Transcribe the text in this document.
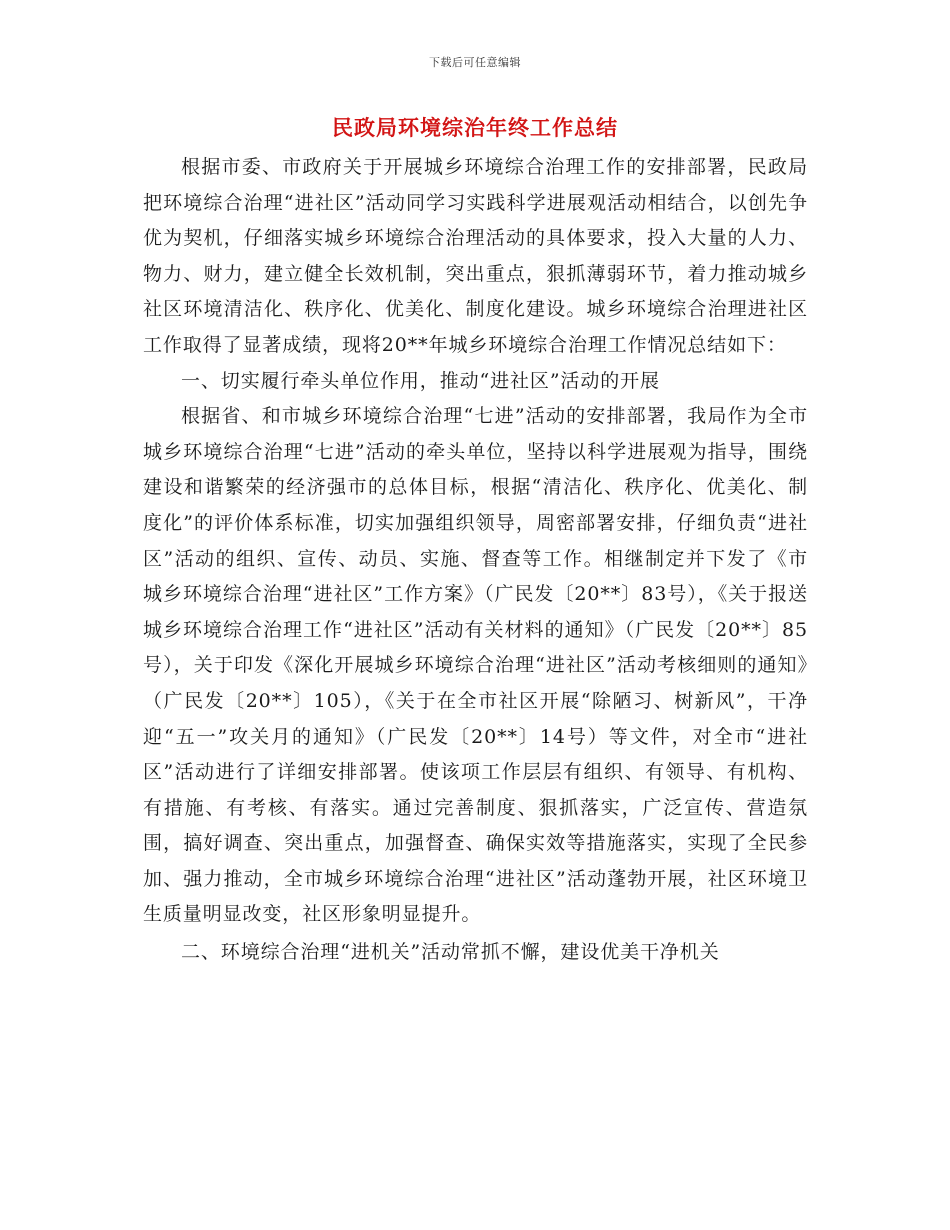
下载后可任意编辑
民政局环境综治年终工作总结

根据市委、市政府关于开展城乡环境综合治理工作的安排部署，民政局把环境综合治理“进社区”活动同学习实践科学进展观活动相结合，以创先争优为契机，仔细落实城乡环境综合治理活动的具体要求，投入大量的人力、物力、财力，建立健全长效机制，突出重点，狠抓薄弱环节，着力推动城乡社区环境清洁化、秩序化、优美化、制度化建设。城乡环境综合治理进社区工作取得了显著成绩，现将20**年城乡环境综合治理工作情况总结如下：

一、切实履行牵头单位作用，推动“进社区”活动的开展

根据省、和市城乡环境综合治理“七进”活动的安排部署，我局作为全市城乡环境综合治理“七进”活动的牵头单位，坚持以科学进展观为指导，围绕建设和谐繁荣的经济强市的总体目标，根据“清洁化、秩序化、优美化、制度化”的评价体系标准，切实加强组织领导，周密部署安排，仔细负责“进社区”活动的组织、宣传、动员、实施、督查等工作。相继制定并下发了《市城乡环境综合治理“进社区”工作方案》（广民发〔20**〕83号），《关于报送城乡环境综合治理工作“进社区”活动有关材料的通知》（广民发〔20**〕85号），关于印发《深化开展城乡环境综合治理“进社区”活动考核细则的通知》（广民发〔20**〕105），《关于在全市社区开展“除陋习、树新风”，干净迎“五一”攻关月的通知》（广民发〔20**〕14号）等文件，对全市“进社区”活动进行了详细安排部署。使该项工作层层有组织、有领导、有机构、有措施、有考核、有落实。通过完善制度、狠抓落实，广泛宣传、营造氛围，搞好调查、突出重点，加强督查、确保实效等措施落实，实现了全民参加、强力推动，全市城乡环境综合治理“进社区”活动蓬勃开展，社区环境卫生质量明显改变，社区形象明显提升。

二、环境综合治理“进机关”活动常抓不懈，建设优美干净机关
